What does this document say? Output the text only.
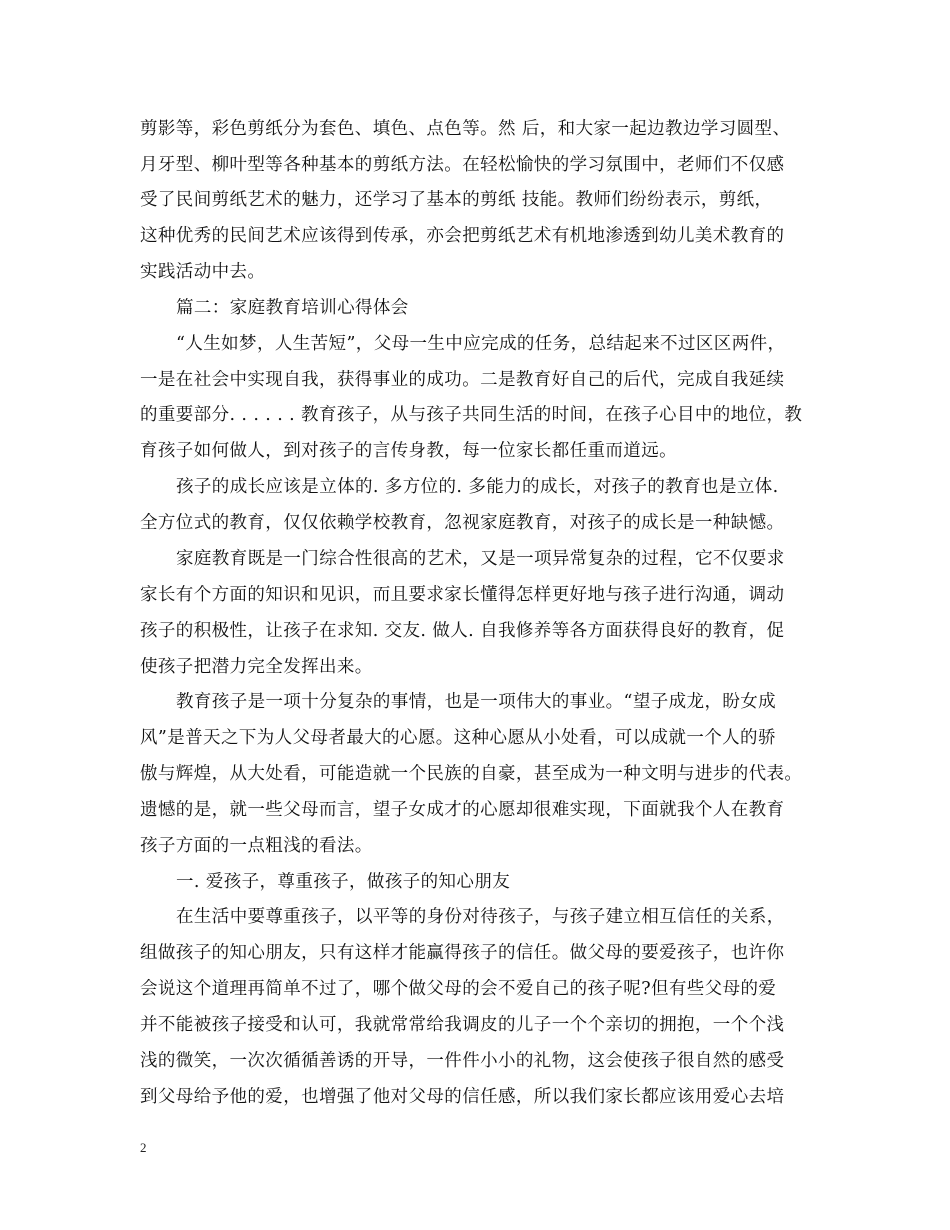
剪影等，彩色剪纸分为套色、填色、点色等。然 后，和大家一起边教边学习圆型、
月牙型、柳叶型等各种基本的剪纸方法。在轻松愉快的学习氛围中，老师们不仅感
受了民间剪纸艺术的魅力，还学习了基本的剪纸 技能。教师们纷纷表示，剪纸，
这种优秀的民间艺术应该得到传承，亦会把剪纸艺术有机地渗透到幼儿美术教育的
实践活动中去。
篇二：家庭教育培训心得体会
“人生如梦，人生苦短”，父母一生中应完成的任务，总结起来不过区区两件，
一是在社会中实现自我，获得事业的成功。二是教育好自己的后代，完成自我延续
的重要部分. . . . . . 教育孩子，从与孩子共同生活的时间，在孩子心目中的地位，教
育孩子如何做人，到对孩子的言传身教，每一位家长都任重而道远。
孩子的成长应该是立体的. 多方位的. 多能力的成长，对孩子的教育也是立体.
全方位式的教育，仅仅依赖学校教育，忽视家庭教育，对孩子的成长是一种缺憾。
家庭教育既是一门综合性很高的艺术，又是一项异常复杂的过程，它不仅要求
家长有个方面的知识和见识，而且要求家长懂得怎样更好地与孩子进行沟通，调动
孩子的积极性，让孩子在求知. 交友. 做人. 自我修养等各方面获得良好的教育，促
使孩子把潜力完全发挥出来。
教育孩子是一项十分复杂的事情，也是一项伟大的事业。“望子成龙，盼女成
风”是普天之下为人父母者最大的心愿。这种心愿从小处看，可以成就一个人的骄
傲与辉煌，从大处看，可能造就一个民族的自豪，甚至成为一种文明与进步的代表。
遗憾的是，就一些父母而言，望子女成才的心愿却很难实现，下面就我个人在教育
孩子方面的一点粗浅的看法。
一. 爱孩子，尊重孩子，做孩子的知心朋友
在生活中要尊重孩子，以平等的身份对待孩子，与孩子建立相互信任的关系，
组做孩子的知心朋友，只有这样才能赢得孩子的信任。做父母的要爱孩子，也许你
会说这个道理再简单不过了，哪个做父母的会不爱自己的孩子呢?但有些父母的爱
并不能被孩子接受和认可，我就常常给我调皮的儿子一个个亲切的拥抱，一个个浅
浅的微笑，一次次循循善诱的开导，一件件小小的礼物，这会使孩子很自然的感受
到父母给予他的爱，也增强了他对父母的信任感，所以我们家长都应该用爱心去培
2
